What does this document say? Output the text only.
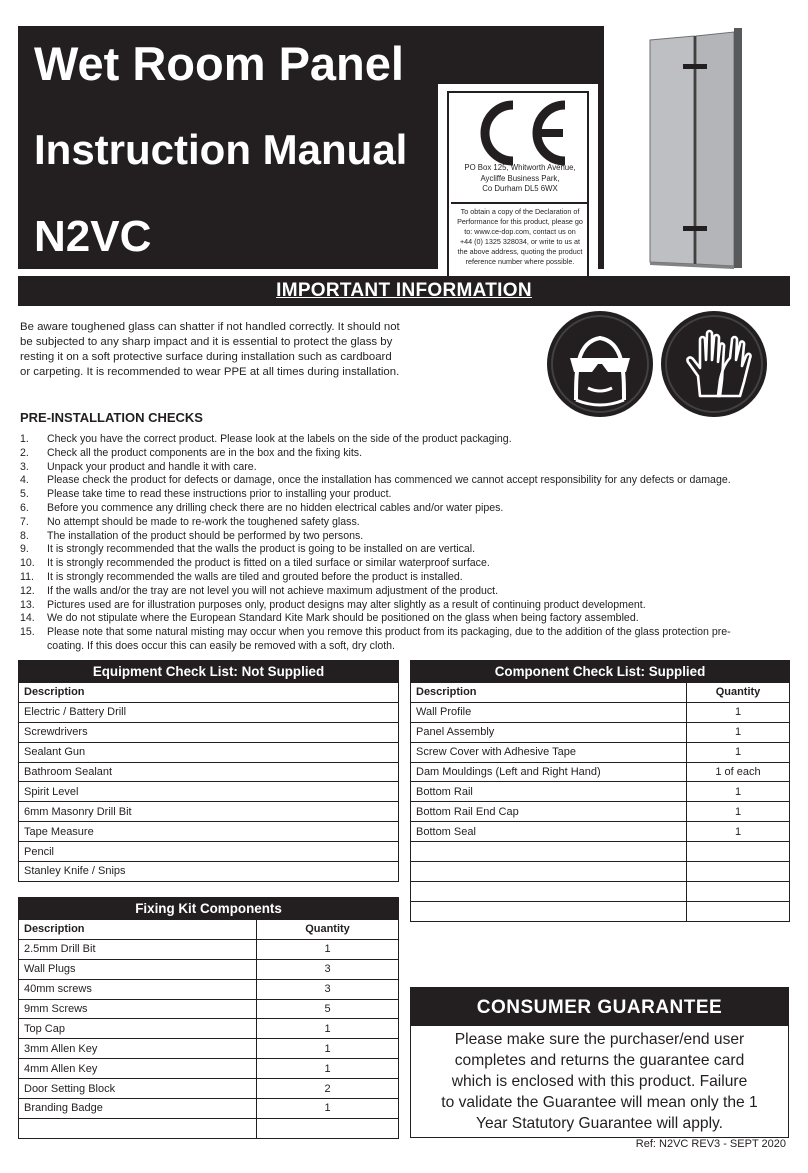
Wet Room Panel
Instruction Manual
N2VC
PO Box 125, Whitworth Avenue,
Aycliffe Business Park,
Co Durham DL5 6WX
To obtain a copy of the Declaration of
Performance for this product, please go
to: www.ce-dop.com, contact us on
+44 (0) 1325 328034, or write to us at
the above address, quoting the product
reference number where possible.
IMPORTANT INFORMATION
Be aware toughened glass can shatter if not handled correctly. It should not
be subjected to any sharp impact and it is essential to protect the glass by
resting it on a soft protective surface during installation such as cardboard
or carpeting. It is recommended to wear PPE at all times during installation.
PRE-INSTALLATION CHECKS
1. Check you have the correct product. Please look at the labels on the side of the product packaging.
2. Check all the product components are in the box and the fixing kits.
3. Unpack your product and handle it with care.
4. Please check the product for defects or damage, once the installation has commenced we cannot accept responsibility for any defects or damage.
5. Please take time to read these instructions prior to installing your product.
6. Before you commence any drilling check there are no hidden electrical cables and/or water pipes.
7. No attempt should be made to re-work the toughened safety glass.
8. The installation of the product should be performed by two persons.
9. It is strongly recommended that the walls the product is going to be installed on are vertical.
10. It is strongly recommended the product is fitted on a tiled surface or similar waterproof surface.
11. It is strongly recommended the walls are tiled and grouted before the product is installed.
12. If the walls and/or the tray are not level you will not achieve maximum adjustment of the product.
13. Pictures used are for illustration purposes only, product designs may alter slightly as a result of continuing product development.
14. We do not stipulate where the European Standard Kite Mark should be positioned on the glass when being factory assembled.
15. Please note that some natural misting may occur when you remove this product from its packaging, due to the addition of the glass protection pre-
coating. If this does occur this can easily be removed with a soft, dry cloth.
Equipment Check List: Not Supplied
Description
Electric / Battery Drill
Screwdrivers
Sealant Gun
Bathroom Sealant
Spirit Level
6mm Masonry Drill Bit
Tape Measure
Pencil
Stanley Knife / Snips
Component Check List: Supplied	
Description	Quantity
Wall Profile	1
Panel Assembly	1
Screw Cover with Adhesive Tape	1
Dam Mouldings (Left and Right Hand)	1 of each
Bottom Rail	1
Bottom Rail End Cap	1
Bottom Seal	1

Fixing Kit Components	
Description	Quantity
2.5mm Drill Bit	1
Wall Plugs	3
40mm screws	3
9mm Screws	5
Top Cap	1
3mm Allen Key	1
4mm Allen Key	1
Door Setting Block	2
Branding Badge	1

CONSUMER GUARANTEE
Please make sure the purchaser/end user
completes and returns the guarantee card
which is enclosed with this product. Failure
to validate the Guarantee will mean only the 1
Year Statutory Guarantee will apply.
Ref: N2VC REV3 - SEPT 2020
